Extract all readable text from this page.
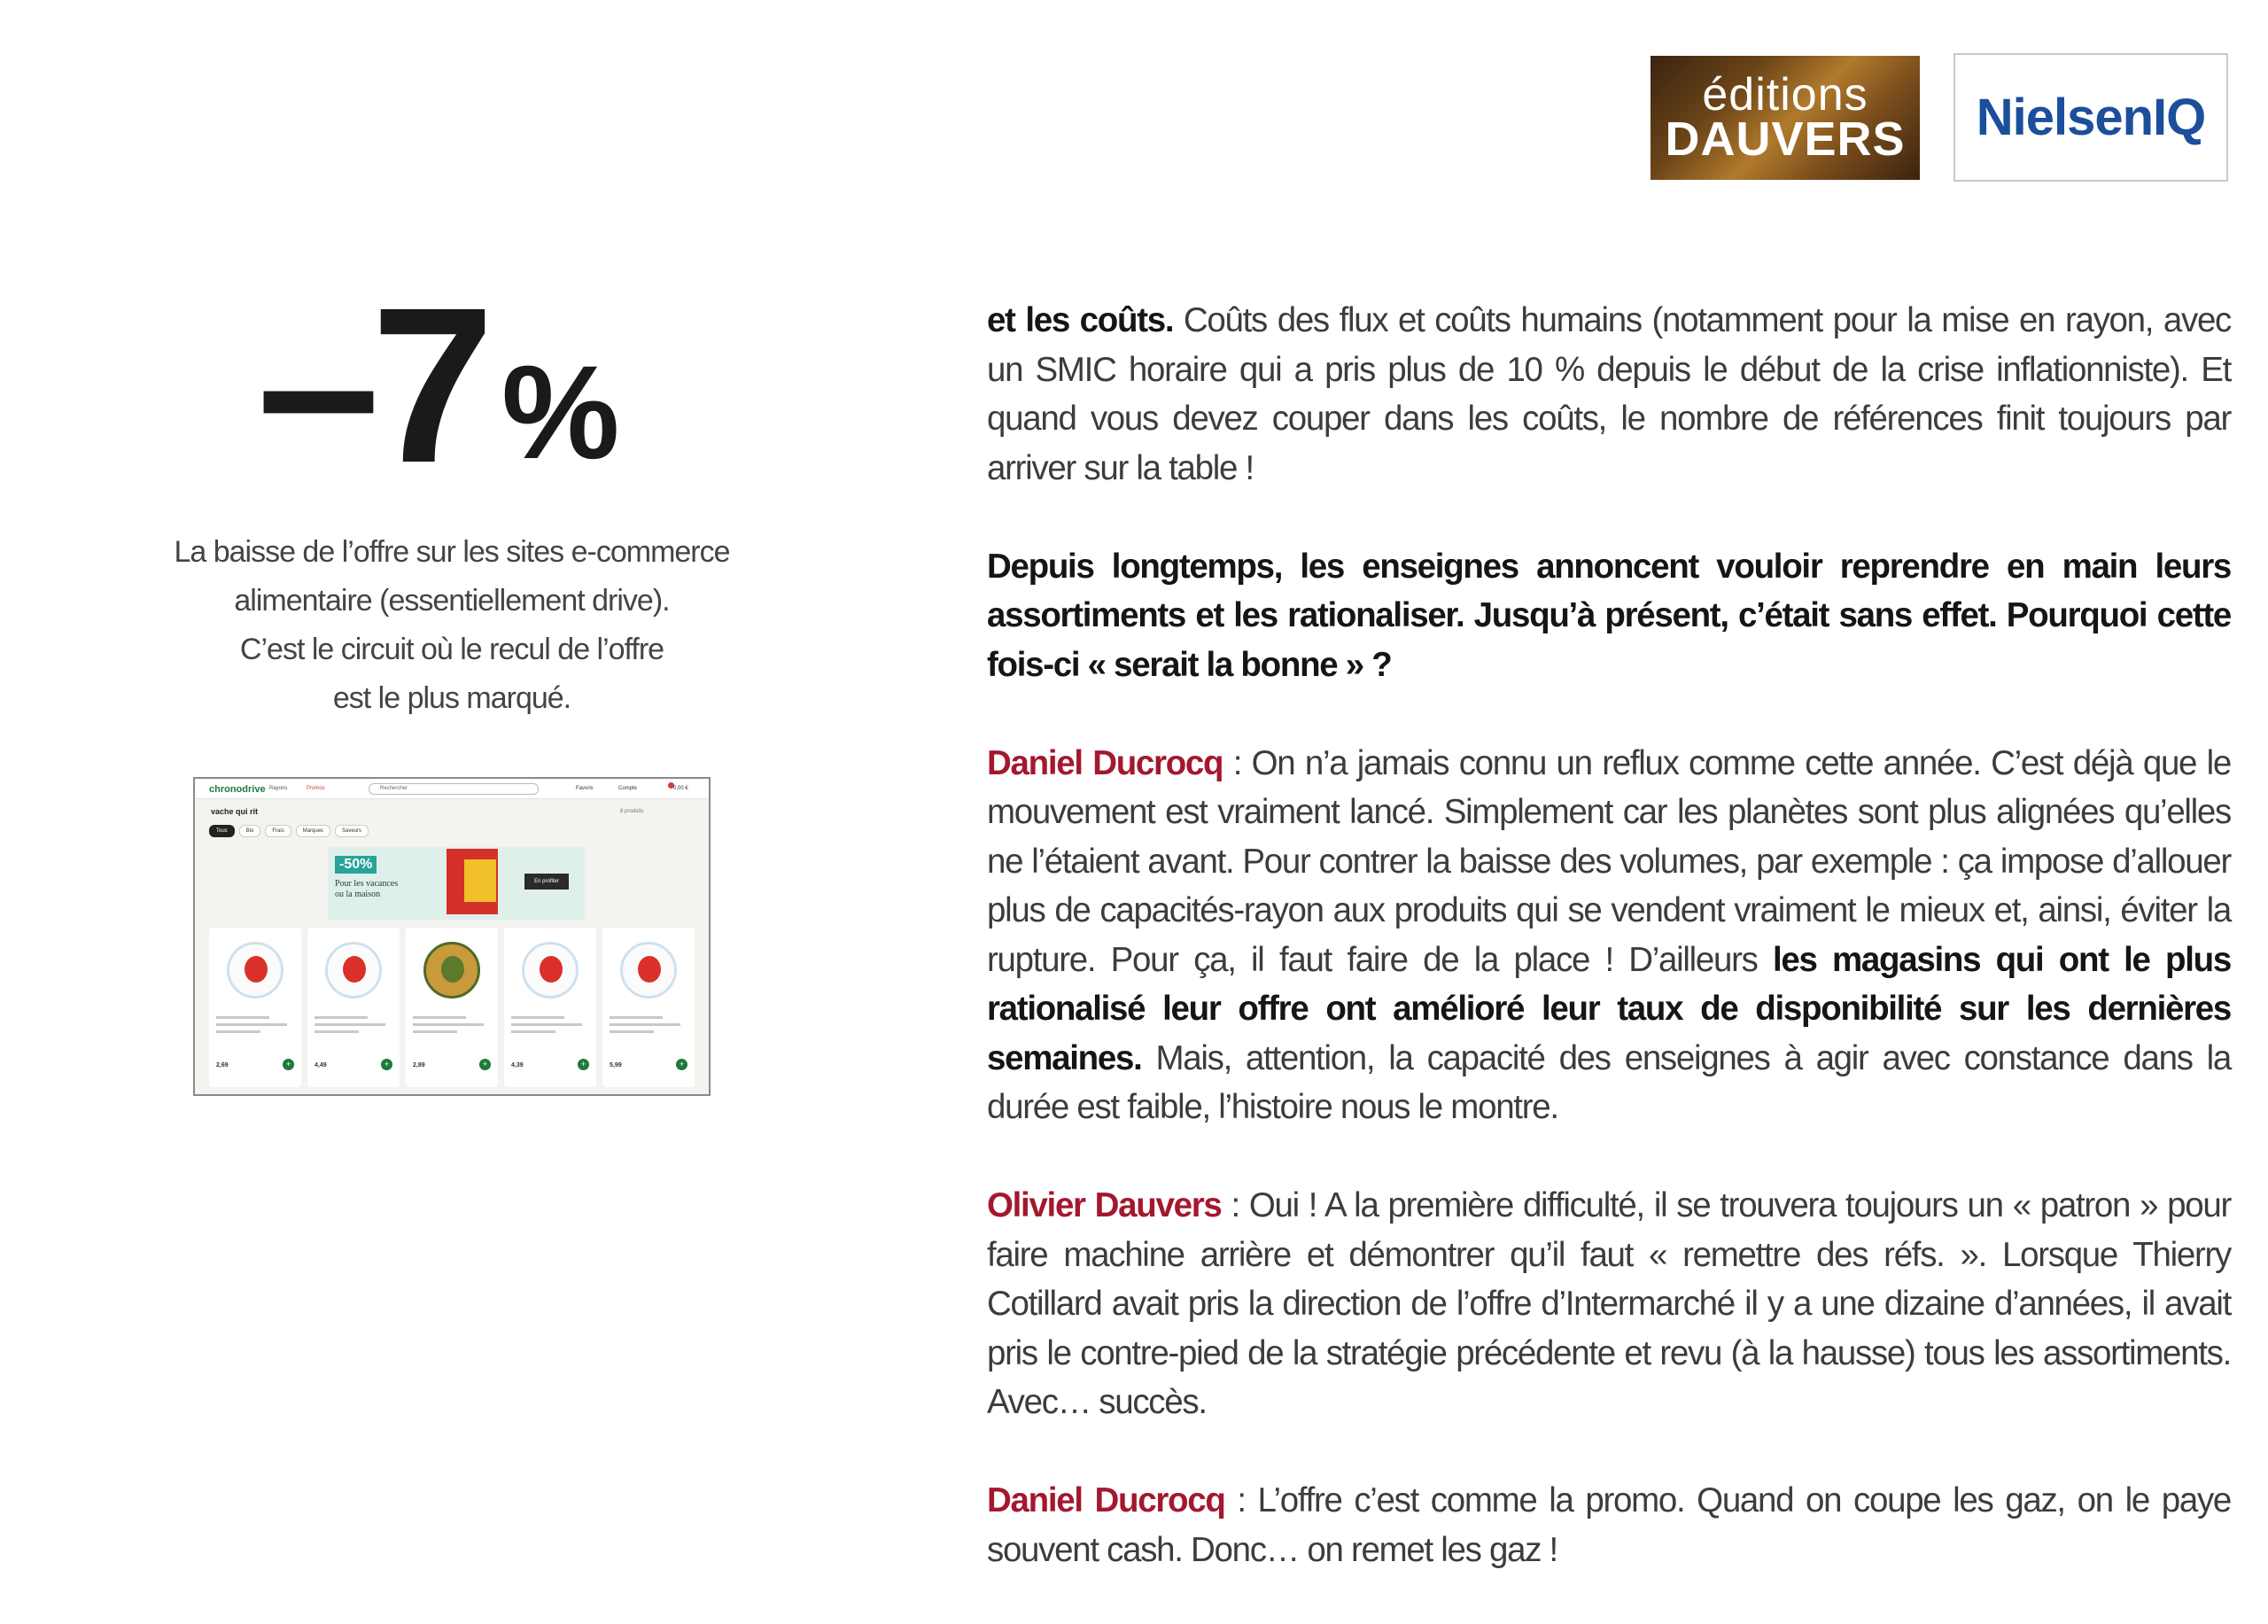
éditions
DAUVERS NielsenIQ
–7 %
La baisse de l’offre sur les sites e-commerce
alimentaire (essentiellement drive).
C’est le circuit où le recul de l’offre
est le plus marqué.
chronodrive Rayons	Promos	Rechercher	Favoris	Compte	0,00 €
vache qui rit	8 produits
Tous	Bio	Frais	Marques	Saveurs
-50%
Pour les vacances
ou la maison
En profiter
2,69	+	4,49	+	2,89	+	4,39	+	5,99	+

et les coûts. Coûts des flux et coûts humains (notamment pour la mise en rayon, avec un SMIC horaire qui a pris plus de 10 % depuis le début de la crise inflationniste). Et quand vous devez couper dans les coûts, le nombre de références finit toujours par arriver sur la table !

Depuis longtemps, les enseignes annoncent vouloir reprendre en main leurs assortiments et les rationaliser. Jusqu’à présent, c’était sans effet. Pourquoi cette fois-ci « serait la bonne » ?

Daniel Ducrocq : On n’a jamais connu un reflux comme cette année. C’est déjà que le mouvement est vraiment lancé. Simplement car les planètes sont plus alignées qu’elles ne l’étaient avant. Pour contrer la baisse des volumes, par exemple : ça impose d’allouer plus de capacités-rayon aux produits qui se vendent vraiment le mieux et, ainsi, éviter la rupture. Pour ça, il faut faire de la place ! D’ailleurs les magasins qui ont le plus rationalisé leur offre ont amélioré leur taux de disponibilité sur les dernières semaines. Mais, attention, la capacité des enseignes à agir avec constance dans la durée est faible, l’histoire nous le montre.

Olivier Dauvers : Oui ! A la première difficulté, il se trouvera toujours un « patron » pour faire machine arrière et démontrer qu’il faut « remettre des réfs. ». Lorsque Thierry Cotillard avait pris la direction de l’offre d’Intermarché il y a une dizaine d’années, il avait pris le contre-pied de la stratégie précédente et revu (à la hausse) tous les assortiments. Avec… succès.

Daniel Ducrocq : L’offre c’est comme la promo. Quand on coupe les gaz, on le paye souvent cash. Donc… on remet les gaz !
